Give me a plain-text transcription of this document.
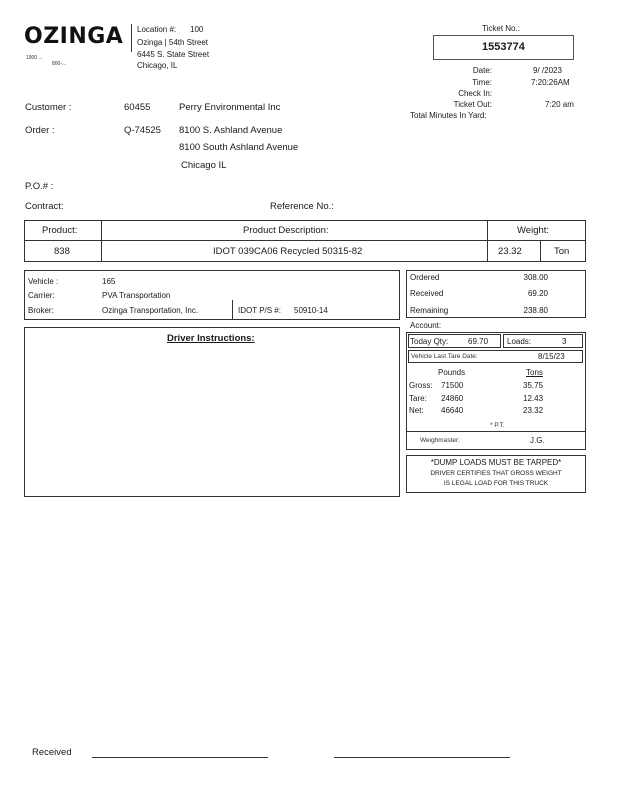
OZINGA
1900 ...
800-...
Location #: 100
Ozinga | 54th Street
6445 S. State Street
Chicago, IL
Ticket No.:
1553774
Date:	9/ /2023
Time:	7:20:26AM
Check In:
Ticket Out:	7:20 am
Total Minutes In Yard:
Customer :	60455	Perry Environmental Inc
Order :	Q-74525 8100 S. Ashland Avenue
8100 South Ashland Avenue
Chicago IL
P.O.# :
Contract:	Reference No.:
Product:	Product Description:	Weight:
838	IDOT 039CA06 Recycled 50315-82	23.32	Ton
Vehicle :	165
Carrier:	PVA Transportation
Broker:	Ozinga Transportation, Inc.	IDOT P/S #: 50910-14
Driver Instructions:
Ordered	308.00
Received	69.20
Remaining	238.80
Account:
Today Qty: 69.70 Loads:	3
Vehicle Last Tare Date:	8/15/23
Pounds	Tons
Gross: 71500	35.75
Tare: 24860	12.43
Net: 46640	23.32
* P.T.
Weighmaster:	J.G.
*DUMP LOADS MUST BE TARPED*
DRIVER CERTIFIES THAT GROSS WEIGHT
IS LEGAL LOAD FOR THIS TRUCK
Received
